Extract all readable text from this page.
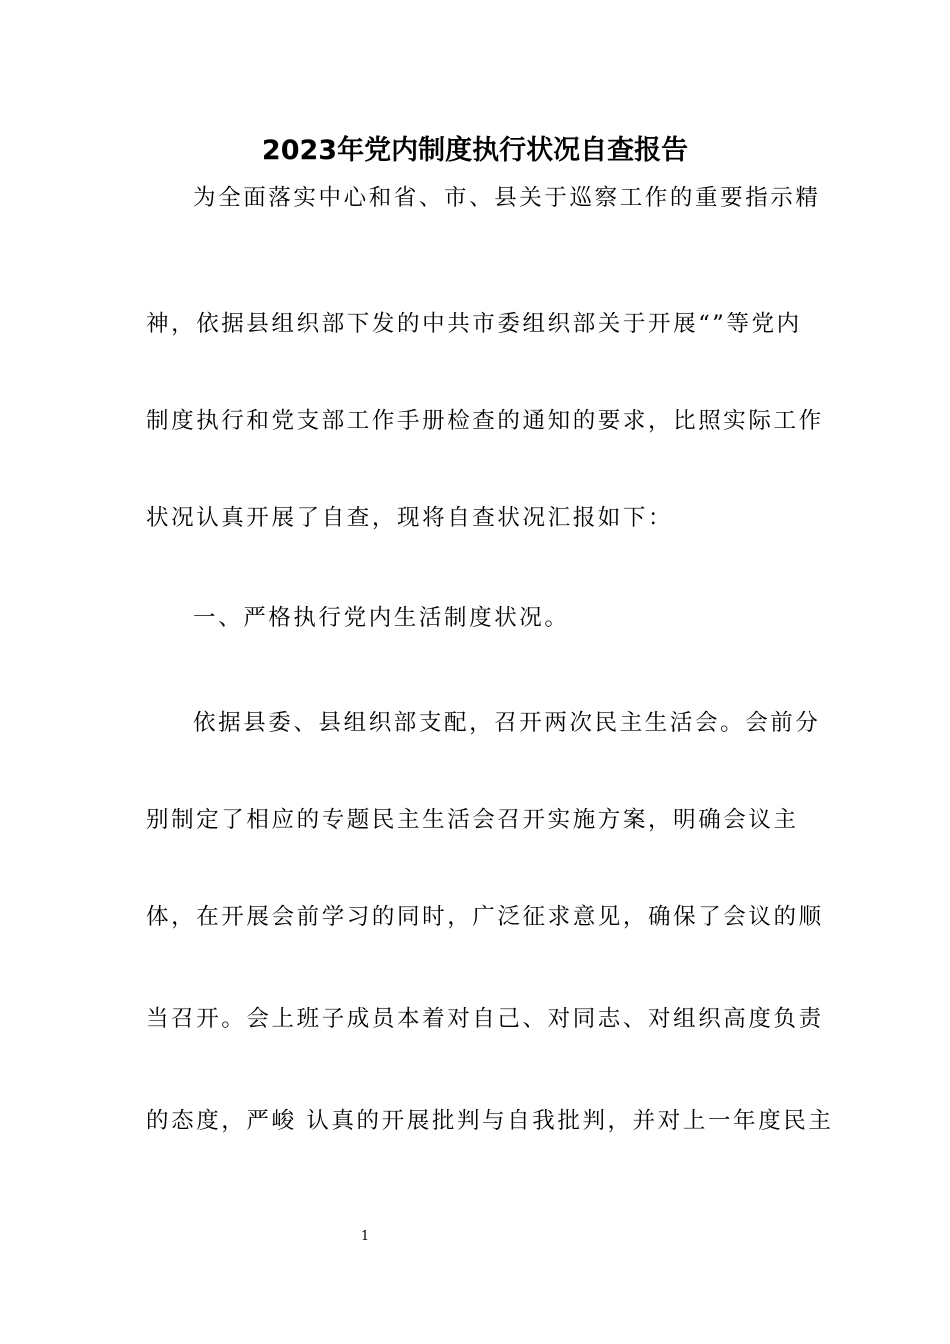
2023年党内制度执行状况自查报告

为全面落实中心和省、市、县关于巡察工作的重要指示精

神，依据县组织部下发的中共市委组织部关于开展“”等党内

制度执行和党支部工作手册检查的通知的要求，比照实际工作

状况认真开展了自查，现将自查状况汇报如下：

一、严格执行党内生活制度状况。

依据县委、县组织部支配，召开两次民主生活会。会前分

别制定了相应的专题民主生活会召开实施方案，明确会议主

体，在开展会前学习的同时，广泛征求意见，确保了会议的顺

当召开。会上班子成员本着对自己、对同志、对组织高度负责

的态度，严峻 认真的开展批判与自我批判，并对上一年度民主

1
